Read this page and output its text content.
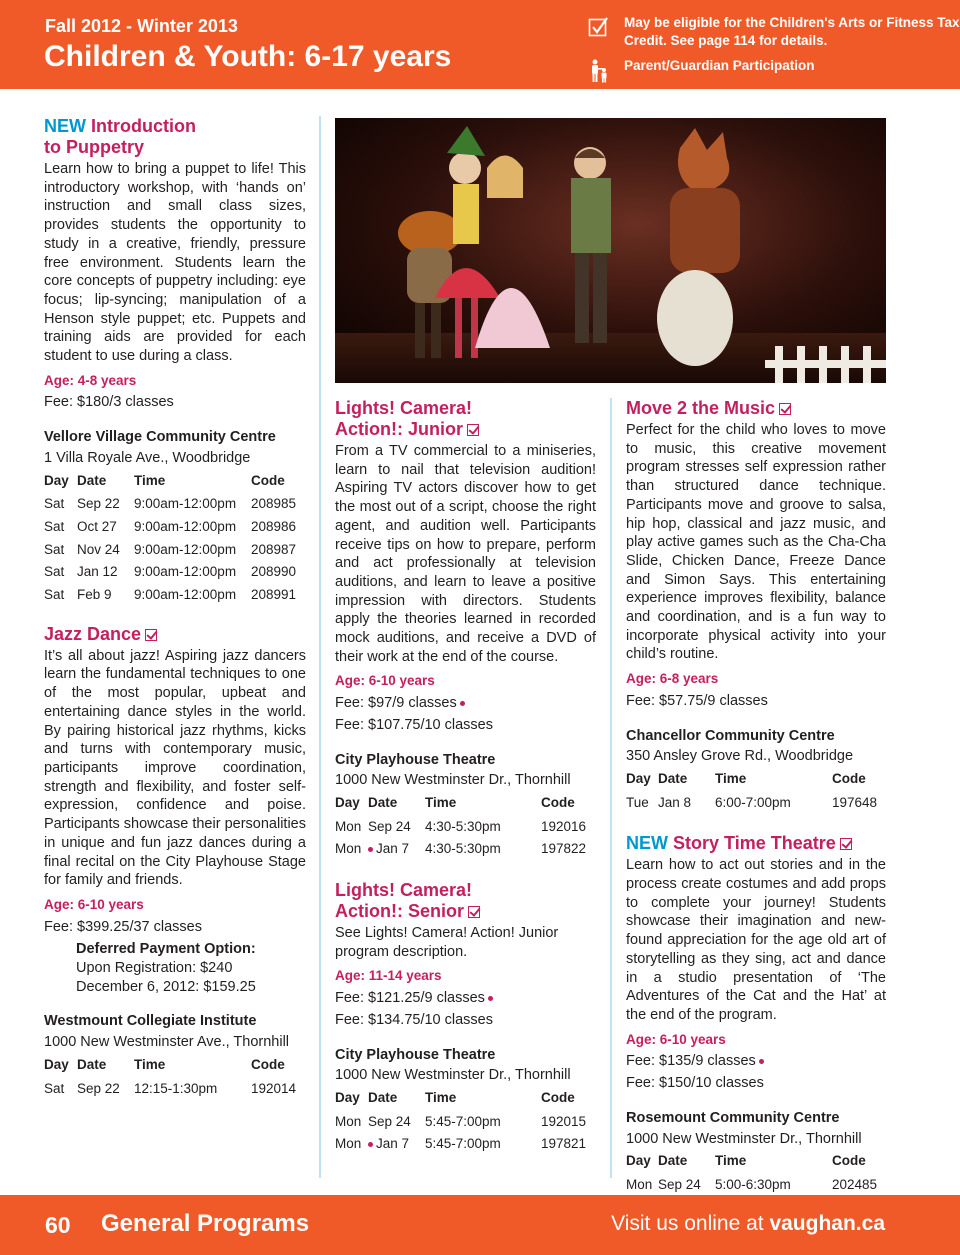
Fall 2012 - Winter 2013
Children & Youth: 6-17 years
May be eligible for the Children's Arts or Fitness Tax Credit. See page 114 for details.
Parent/Guardian Participation
NEW Introduction
to Puppetry
Learn how to bring a puppet to life! This introductory workshop, with ‘hands on’ instruction and small class sizes, provides students the opportunity to study in a creative, friendly, pressure free environment. Students learn the core concepts of puppetry including: eye focus; lip-syncing; manipulation of a Henson style puppet; etc. Puppets and training aids are provided for each student to use during a class.
Age: 4-8 years
Fee: $180/3 classes
Vellore Village Community Centre
1 Villa Royale Ave., Woodbridge
Day	Date	Time	Code
Sat	Sep 22	9:00am-12:00pm	208985
Sat	Oct 27	9:00am-12:00pm	208986
Sat	Nov 24	9:00am-12:00pm	208987
Sat	Jan 12	9:00am-12:00pm	208990
Sat	Feb 9	9:00am-12:00pm	208991
Jazz Dance
It’s all about jazz! Aspiring jazz dancers learn the fundamental techniques to one of the most popular, upbeat and entertaining dance styles in the world. By pairing historical jazz rhythms, kicks and turns with contemporary music, participants improve coordination, strength and flexibility, and foster self-expression, confidence and poise. Participants showcase their personalities in unique and fun jazz dances during a final recital on the City Playhouse Stage for family and friends.
Age: 6-10 years
Fee: $399.25/37 classes
Deferred Payment Option:
Upon Registration: $240
December 6, 2012: $159.25
Westmount Collegiate Institute
1000 New Westminster Ave., Thornhill
Day	Date	Time	Code
Sat	Sep 22	12:15-1:30pm	192014
Lights! Camera!
Action!: Junior
From a TV commercial to a miniseries, learn to nail that television audition! Aspiring TV actors discover how to get the most out of a script, choose the right agent, and audition well. Participants receive tips on how to prepare, perform and act professionally at television auditions, and learn to leave a positive impression with directors. Students apply the theories learned in recorded mock auditions, and receive a DVD of their work at the end of the course.
Age: 6-10 years
Fee: $97/9 classes
Fee: $107.75/10 classes
City Playhouse Theatre
1000 New Westminster Dr., Thornhill
Day	Date	Time	Code
Mon	Sep 24	4:30-5:30pm	192016
Mon	Jan 7	4:30-5:30pm	197822
Lights! Camera!
Action!: Senior
See Lights! Camera! Action! Junior program description.
Age: 11-14 years
Fee: $121.25/9 classes
Fee: $134.75/10 classes
City Playhouse Theatre
1000 New Westminster Dr., Thornhill
Day	Date	Time	Code
Mon	Sep 24	5:45-7:00pm	192015
Mon	Jan 7	5:45-7:00pm	197821
Move 2 the Music
Perfect for the child who loves to move to music, this creative movement program stresses self expression rather than structured dance technique. Participants move and groove to salsa, hip hop, classical and jazz music, and play active games such as the Cha-Cha Slide, Chicken Dance, Freeze Dance and Simon Says. This entertaining experience improves flexibility, balance and coordination, and is a fun way to incorporate physical activity into your child’s routine.
Age: 6-8 years
Fee: $57.75/9 classes
Chancellor Community Centre
350 Ansley Grove Rd., Woodbridge
Day	Date	Time	Code
Tue	Jan 8	6:00-7:00pm	197648
NEW Story Time Theatre
Learn how to act out stories and in the process create costumes and add props to complete your journey! Students showcase their imagination and new-found appreciation for the age old art of storytelling as they sing, act and dance in a studio presentation of ‘The Adventures of the Cat and the Hat’ at the end of the program.
Age: 6-10 years
Fee: $135/9 classes
Fee: $150/10 classes
Rosemount Community Centre
1000 New Westminster Dr., Thornhill
Day	Date	Time	Code
Mon	Sep 24	5:00-6:30pm	202485

60 General Programs	Visit us online at vaughan.ca
